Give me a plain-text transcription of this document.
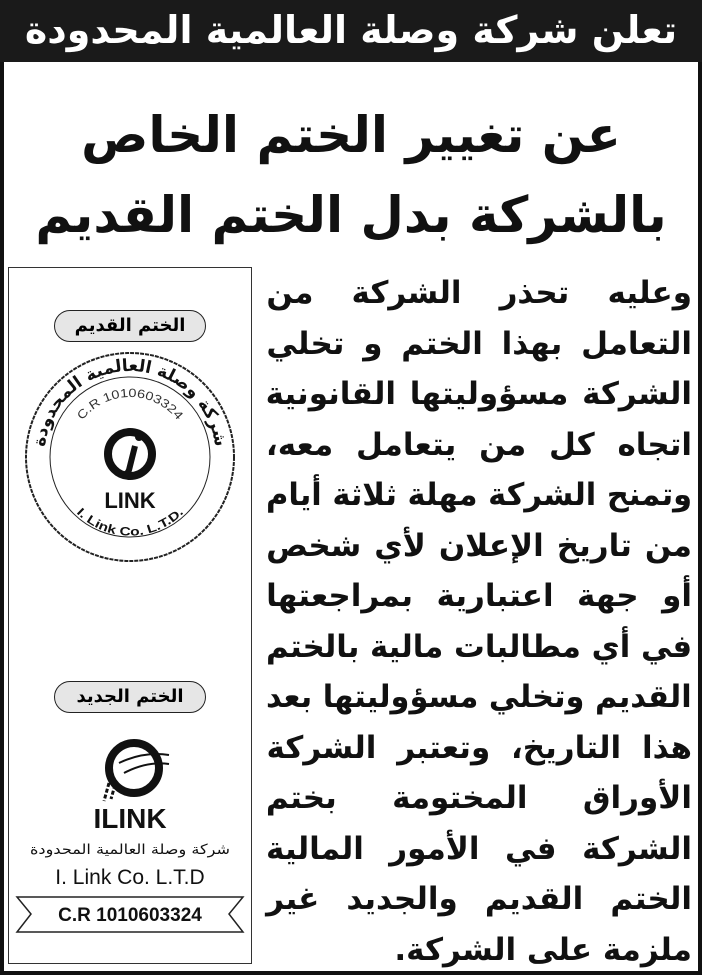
تعلن شركة وصلة العالمية المحدودة
عن تغيير الختم الخاص
بالشركة بدل الختم القديم
الختم القديم
شركة وصلة العالمية المحدودة
C.R 1010603324
I. Link Co. L.T.D.
LINK
الختم الجديد
ILINK
شركة وصلة العالمية المحدودة
I. Link Co. L.T.D
C.R 1010603324
وعليه تحذر الشركة من
التعامل بهذا الختم و تخلي
الشركة مسؤوليتها القانونية
اتجاه كل من يتعامل معه،
وتمنح الشركة مهلة ثلاثة أيام
من تاريخ الإعلان لأي شخص
أو جهة اعتبارية بمراجعتها
في أي مطالبات مالية بالختم
القديم وتخلي مسؤوليتها بعد
هذا التاريخ، وتعتبر الشركة
الأوراق المختومة بختم
الشركة في الأمور المالية
الختم القديم والجديد غير
ملزمة على الشركة.
